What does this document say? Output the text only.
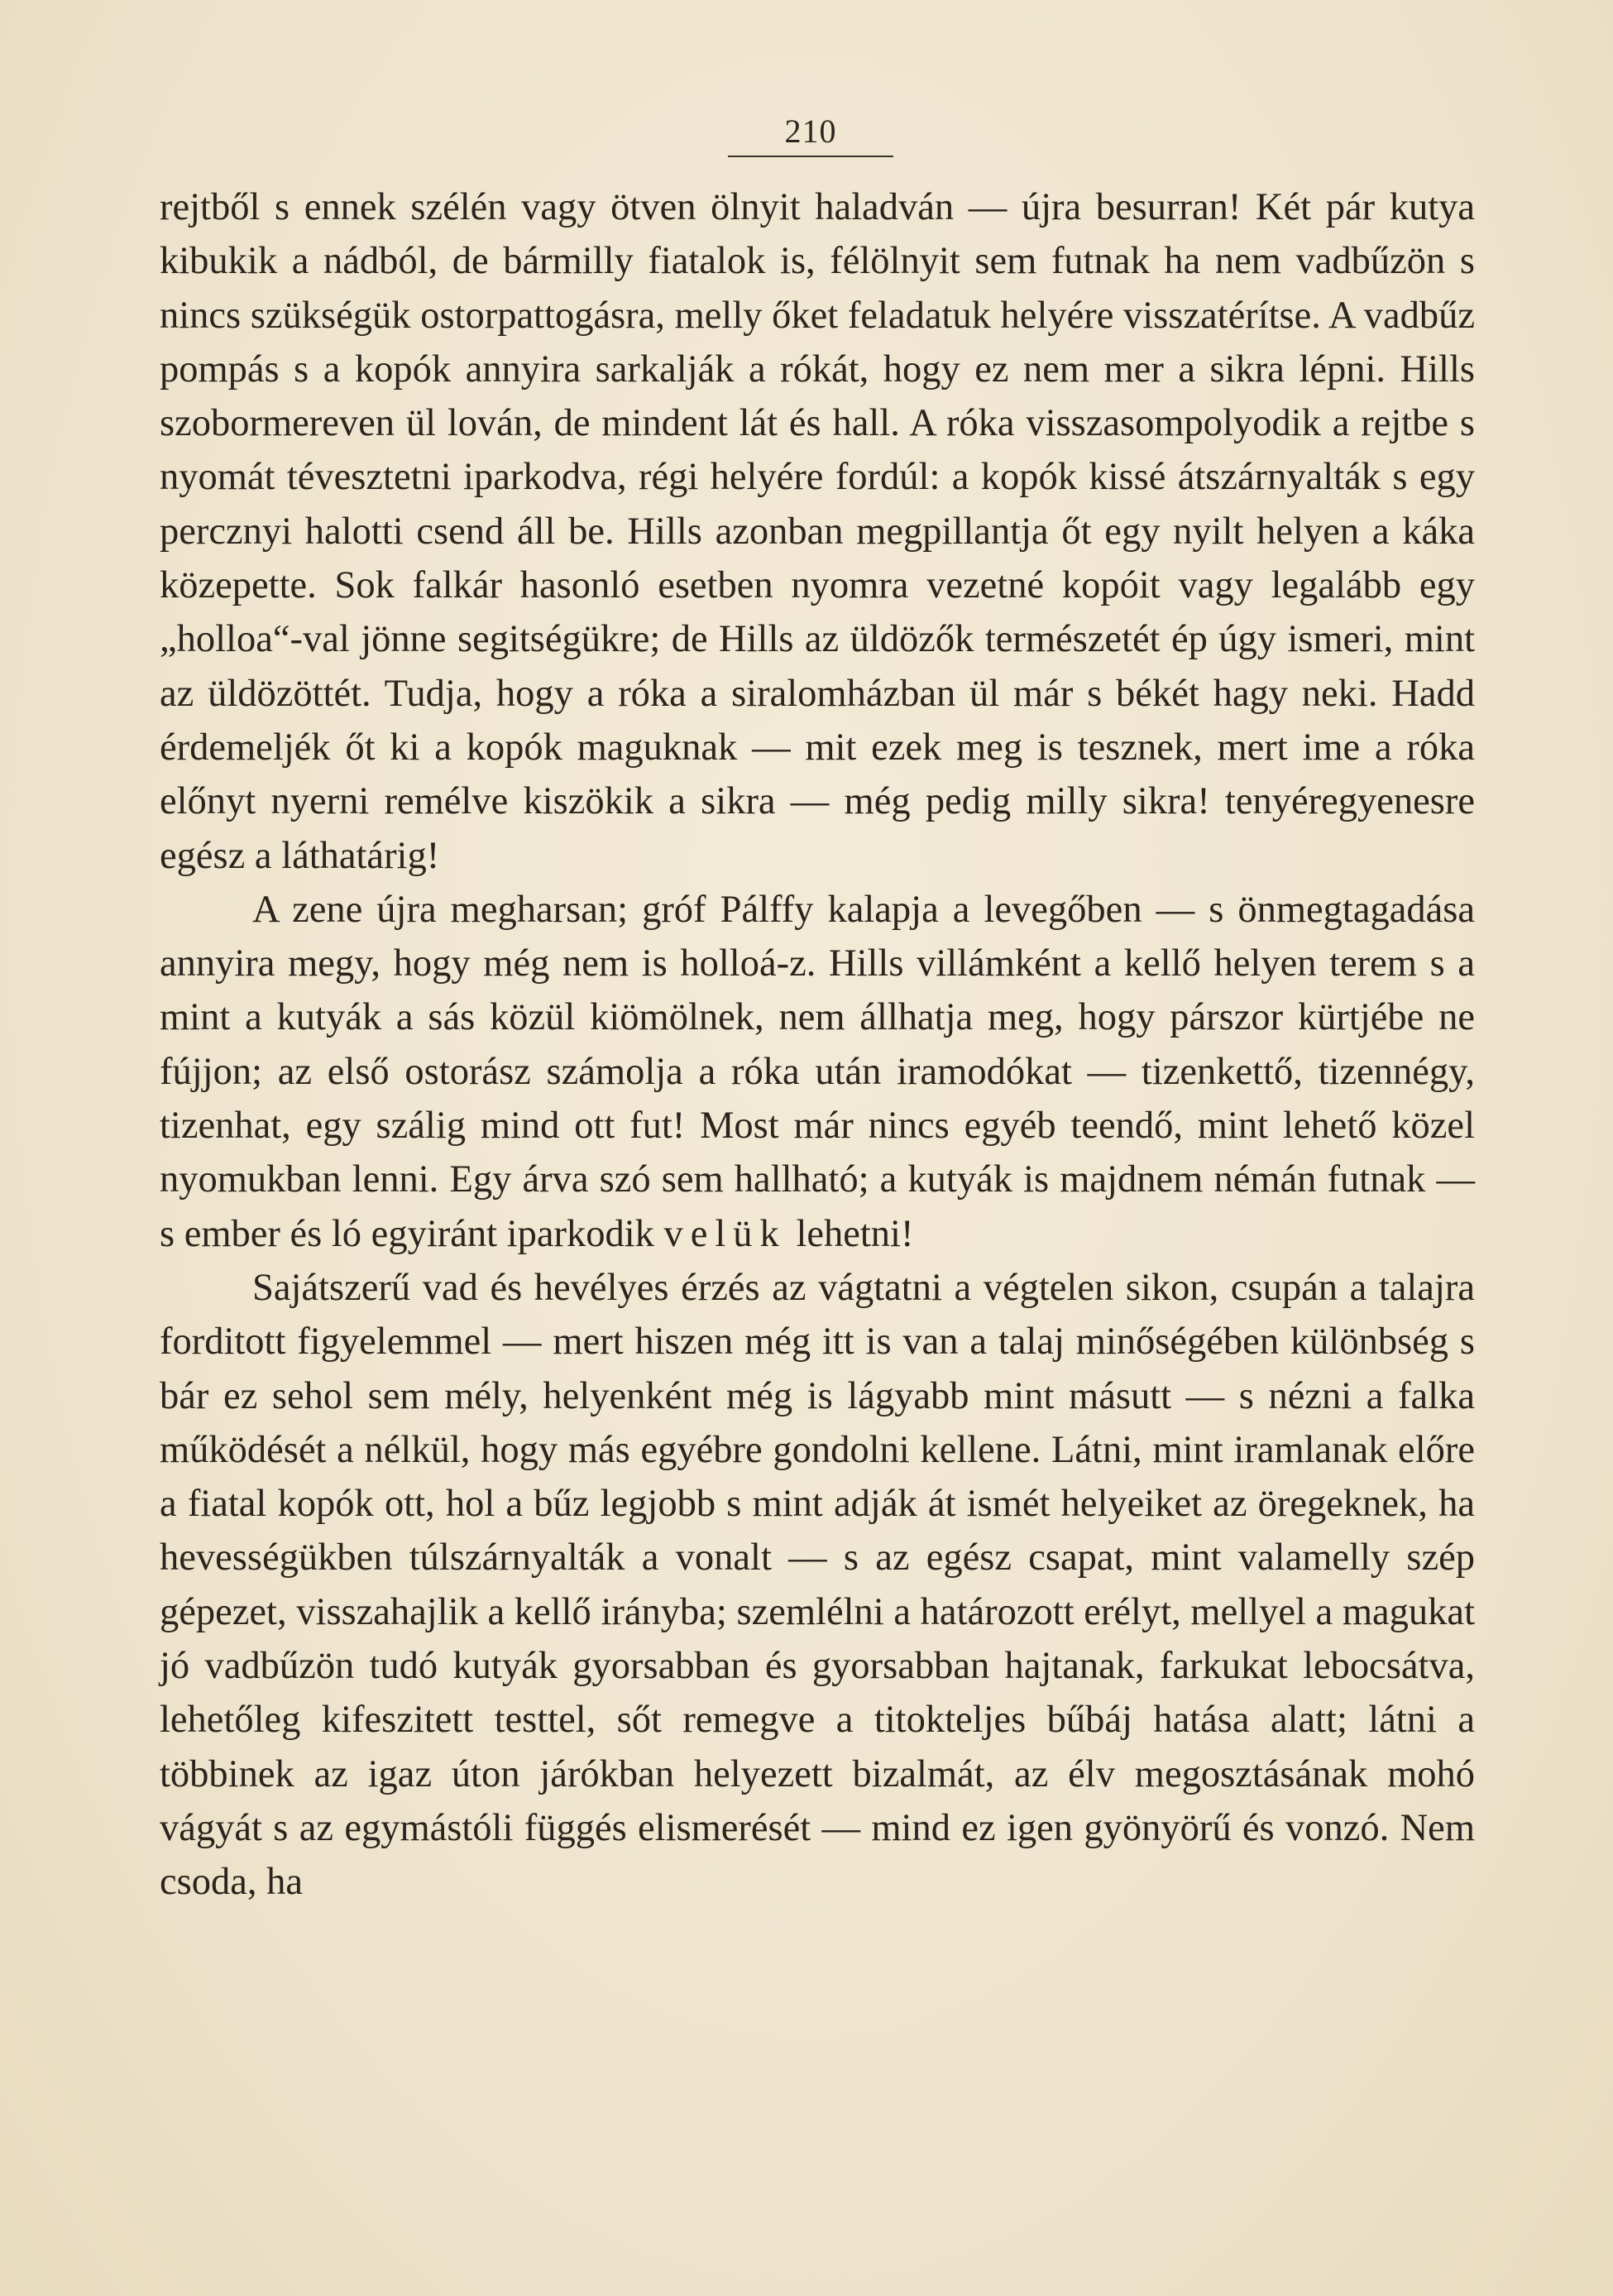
210

rejtből s ennek szélén vagy ötven ölnyit haladván — újra besurran! Két pár kutya kibukik a nádból, de bármilly fiatalok is, félölnyit sem futnak ha nem vadbűzön s nincs szükségük ostorpattogásra, melly őket feladatuk helyére visszatérítse. A vadbűz pompás s a kopók annyira sarkalják a rókát, hogy ez nem mer a sikra lépni. Hills szobormereven ül lován, de mindent lát és hall. A róka visszasompolyodik a rejtbe s nyomát tévesztetni iparkodva, régi helyére fordúl: a kopók kissé átszárnyalták s egy percznyi halotti csend áll be. Hills azonban megpillantja őt egy nyilt helyen a káka közepette. Sok falkár hasonló esetben nyomra vezetné kopóit vagy legalább egy „holloa“-val jönne segitségükre; de Hills az üldözők természetét ép úgy ismeri, mint az üldözöttét. Tudja, hogy a róka a siralomházban ül már s békét hagy neki. Hadd érdemeljék őt ki a kopók maguknak — mit ezek meg is tesznek, mert ime a róka előnyt nyerni remélve kiszökik a sikra — még pedig milly sikra! tenyéregyenesre egész a láthatárig!

A zene újra megharsan; gróf Pálffy kalapja a levegőben — s önmegtagadása annyira megy, hogy még nem is holloá-z. Hills villámként a kellő helyen terem s a mint a kutyák a sás közül kiömölnek, nem állhatja meg, hogy párszor kürtjébe ne fújjon; az első ostorász számolja a róka után iramodókat — tizenkettő, tizennégy, tizenhat, egy szálig mind ott fut! Most már nincs egyéb teendő, mint lehető közel nyomukban lenni. Egy árva szó sem hallható; a kutyák is majdnem némán futnak — s ember és ló egyiránt iparkodik velük lehetni!

Sajátszerű vad és hevélyes érzés az vágtatni a végtelen sikon, csupán a talajra forditott figyelemmel — mert hiszen még itt is van a talaj minőségében különbség s bár ez sehol sem mély, helyenként még is lágyabb mint másutt — s nézni a falka működését a nélkül, hogy más egyébre gondolni kellene. Látni, mint iramlanak előre a fiatal kopók ott, hol a bűz legjobb s mint adják át ismét helyeiket az öregeknek, ha hevességükben túlszárnyalták a vonalt — s az egész csapat, mint valamelly szép gépezet, visszahajlik a kellő irányba; szemlélni a határozott erélyt, mellyel a magukat jó vadbűzön tudó kutyák gyorsabban és gyorsabban hajtanak, farkukat lebocsátva, lehetőleg kifeszitett testtel, sőt remegve a titokteljes bűbáj hatása alatt; látni a többinek az igaz úton járókban helyezett bizalmát, az élv megosztásának mohó vágyát s az egymástóli függés elismerését — mind ez igen gyönyörű és vonzó. Nem csoda, ha
